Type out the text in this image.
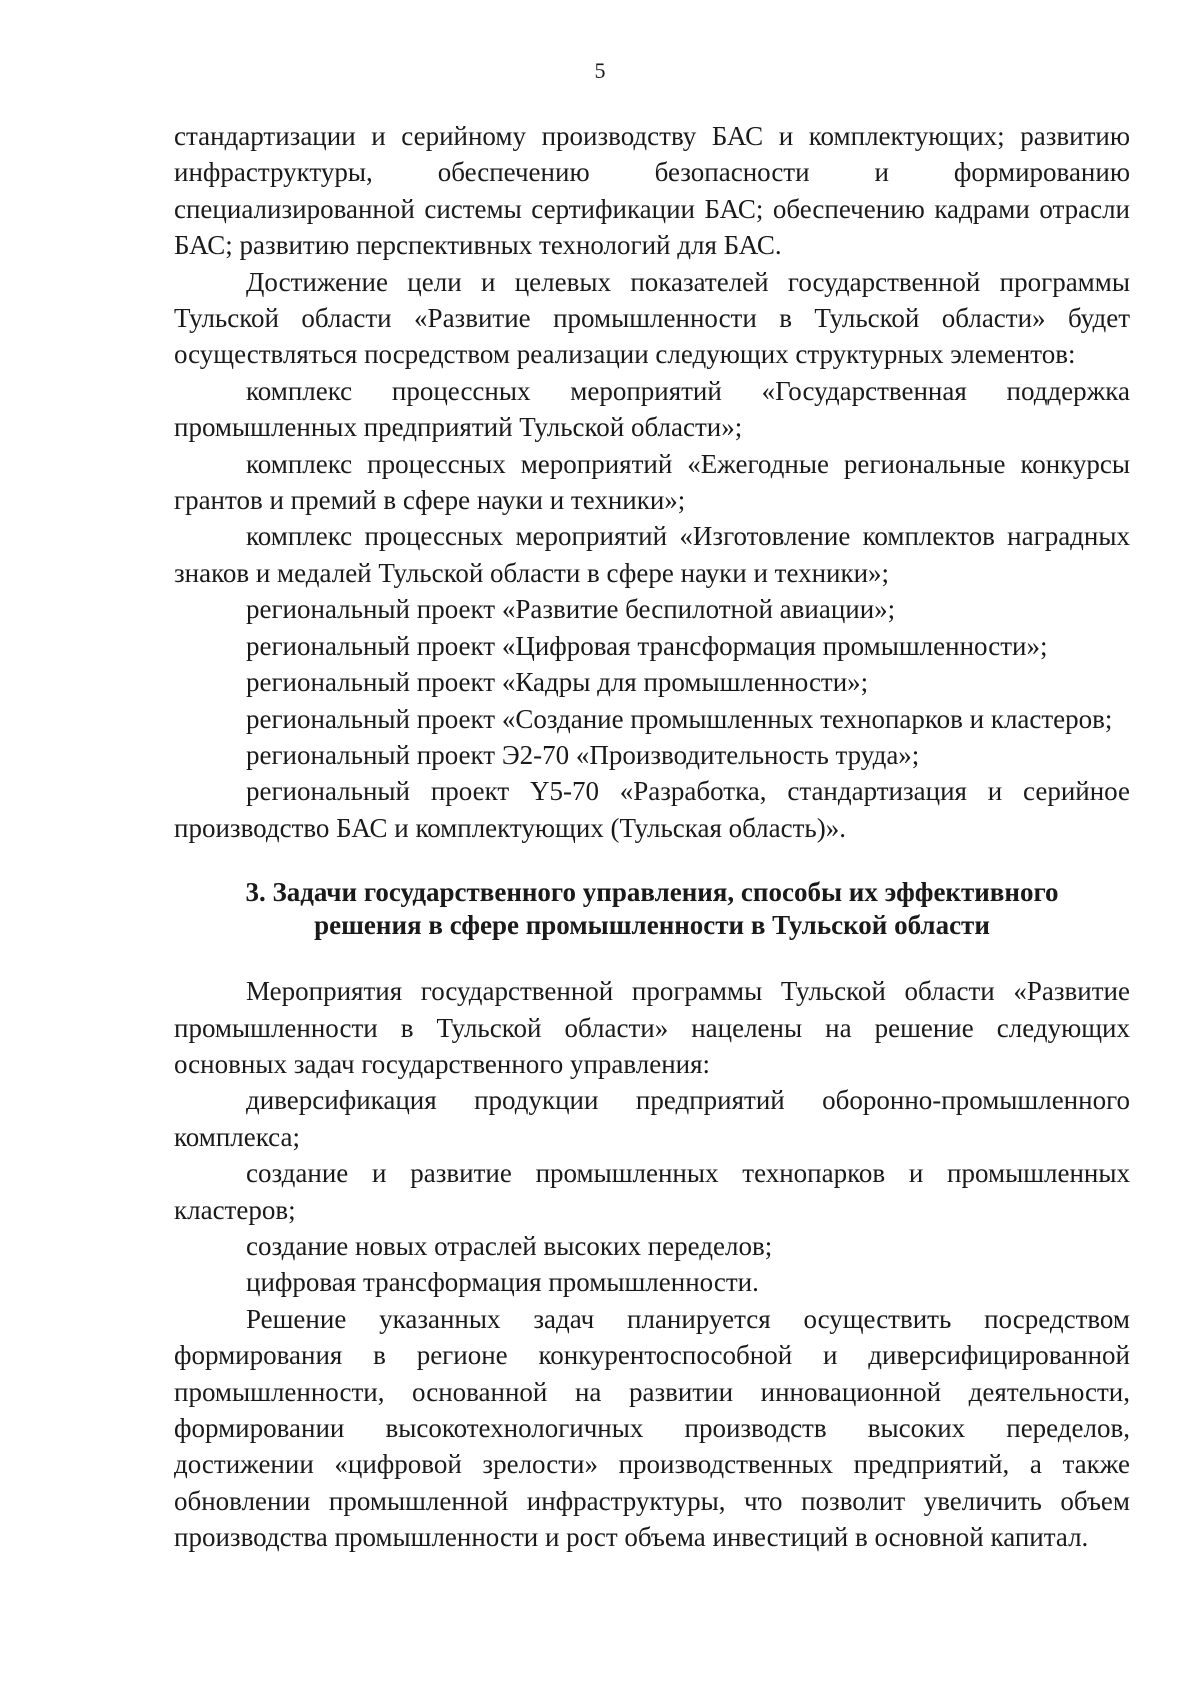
5

стандартизации и серийному производству БАС и комплектующих; развитию инфраструктуры, обеспечению безопасности и формированию специализированной системы сертификации БАС; обеспечению кадрами отрасли БАС; развитию перспективных технологий для БАС.

Достижение цели и целевых показателей государственной программы Тульской области «Развитие промышленности в Тульской области» будет осуществляться посредством реализации следующих структурных элементов:

комплекс процессных мероприятий «Государственная поддержка промышленных предприятий Тульской области»;

комплекс процессных мероприятий «Ежегодные региональные конкурсы грантов и премий в сфере науки и техники»;

комплекс процессных мероприятий «Изготовление комплектов наградных знаков и медалей Тульской области в сфере науки и техники»;

региональный проект «Развитие беспилотной авиации»;

региональный проект «Цифровая трансформация промышленности»;

региональный проект «Кадры для промышленности»;

региональный проект «Создание промышленных технопарков и кластеров;

региональный проект Э2-70 «Производительность труда»;

региональный проект Y5-70 «Разработка, стандартизация и серийное производство БАС и комплектующих (Тульская область)».

3. Задачи государственного управления, способы их эффективного
решения в сфере промышленности в Тульской области

Мероприятия государственной программы Тульской области «Развитие промышленности в Тульской области» нацелены на решение следующих основных задач государственного управления:

диверсификация продукции предприятий оборонно-промышленного комплекса;

создание и развитие промышленных технопарков и промышленных кластеров;

создание новых отраслей высоких переделов;

цифровая трансформация промышленности.

Решение указанных задач планируется осуществить посредством формирования в регионе конкурентоспособной и диверсифицированной промышленности, основанной на развитии инновационной деятельности, формировании высокотехнологичных производств высоких переделов, достижении «цифровой зрелости» производственных предприятий, а также обновлении промышленной инфраструктуры, что позволит увеличить объем производства промышленности и рост объема инвестиций в основной капитал.
